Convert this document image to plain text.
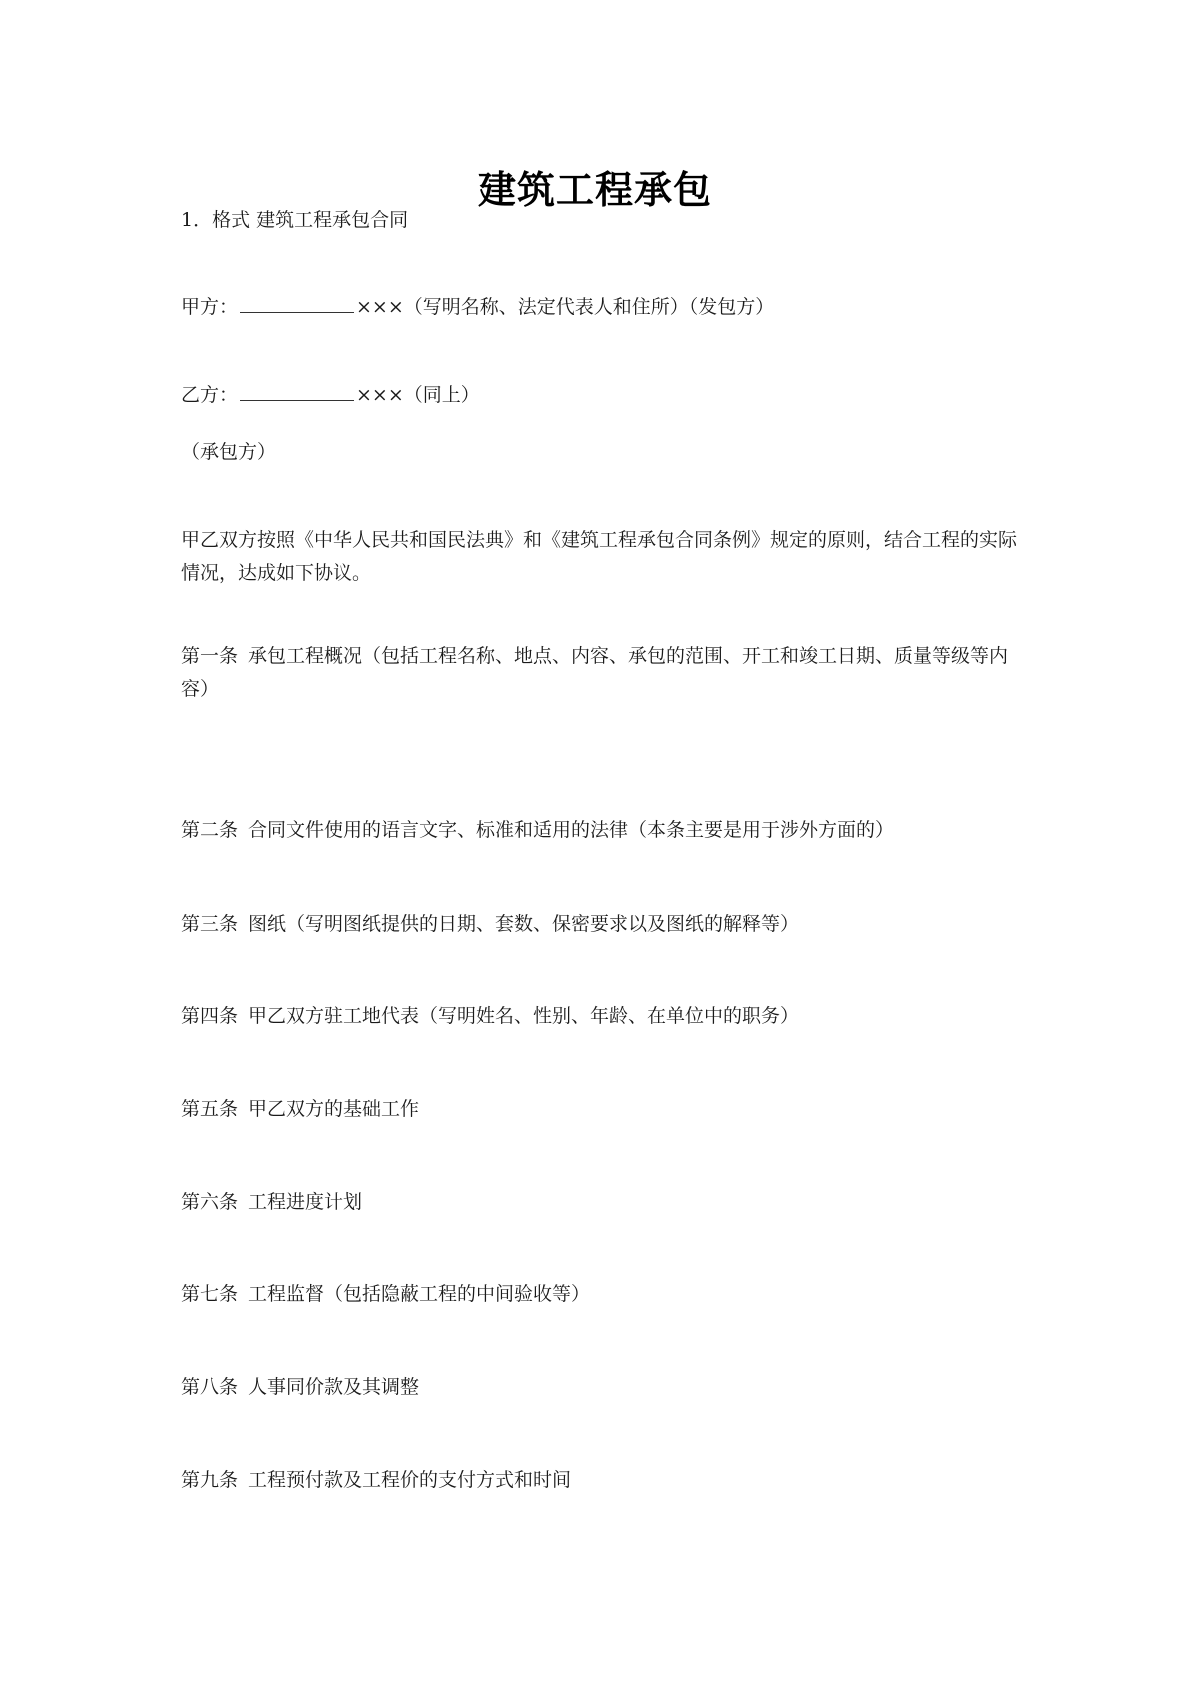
建筑工程承包
1．格式 建筑工程承包合同
甲方：	×××（写明名称、法定代表人和住所）（发包方）
乙方：	×××（同上）
（承包方）
甲乙双方按照《中华人民共和国民法典》和《建筑工程承包合同条例》规定的原则，结合工程的实际情况，达成如下协议。
第一条 承包工程概况（包括工程名称、地点、内容、承包的范围、开工和竣工日期、质量等级等内容）
第二条 合同文件使用的语言文字、标准和适用的法律（本条主要是用于涉外方面的）
第三条 图纸（写明图纸提供的日期、套数、保密要求以及图纸的解释等）
第四条 甲乙双方驻工地代表（写明姓名、性别、年龄、在单位中的职务）
第五条 甲乙双方的基础工作
第六条 工程进度计划
第七条 工程监督（包括隐蔽工程的中间验收等）
第八条 人事同价款及其调整
第九条 工程预付款及工程价的支付方式和时间
